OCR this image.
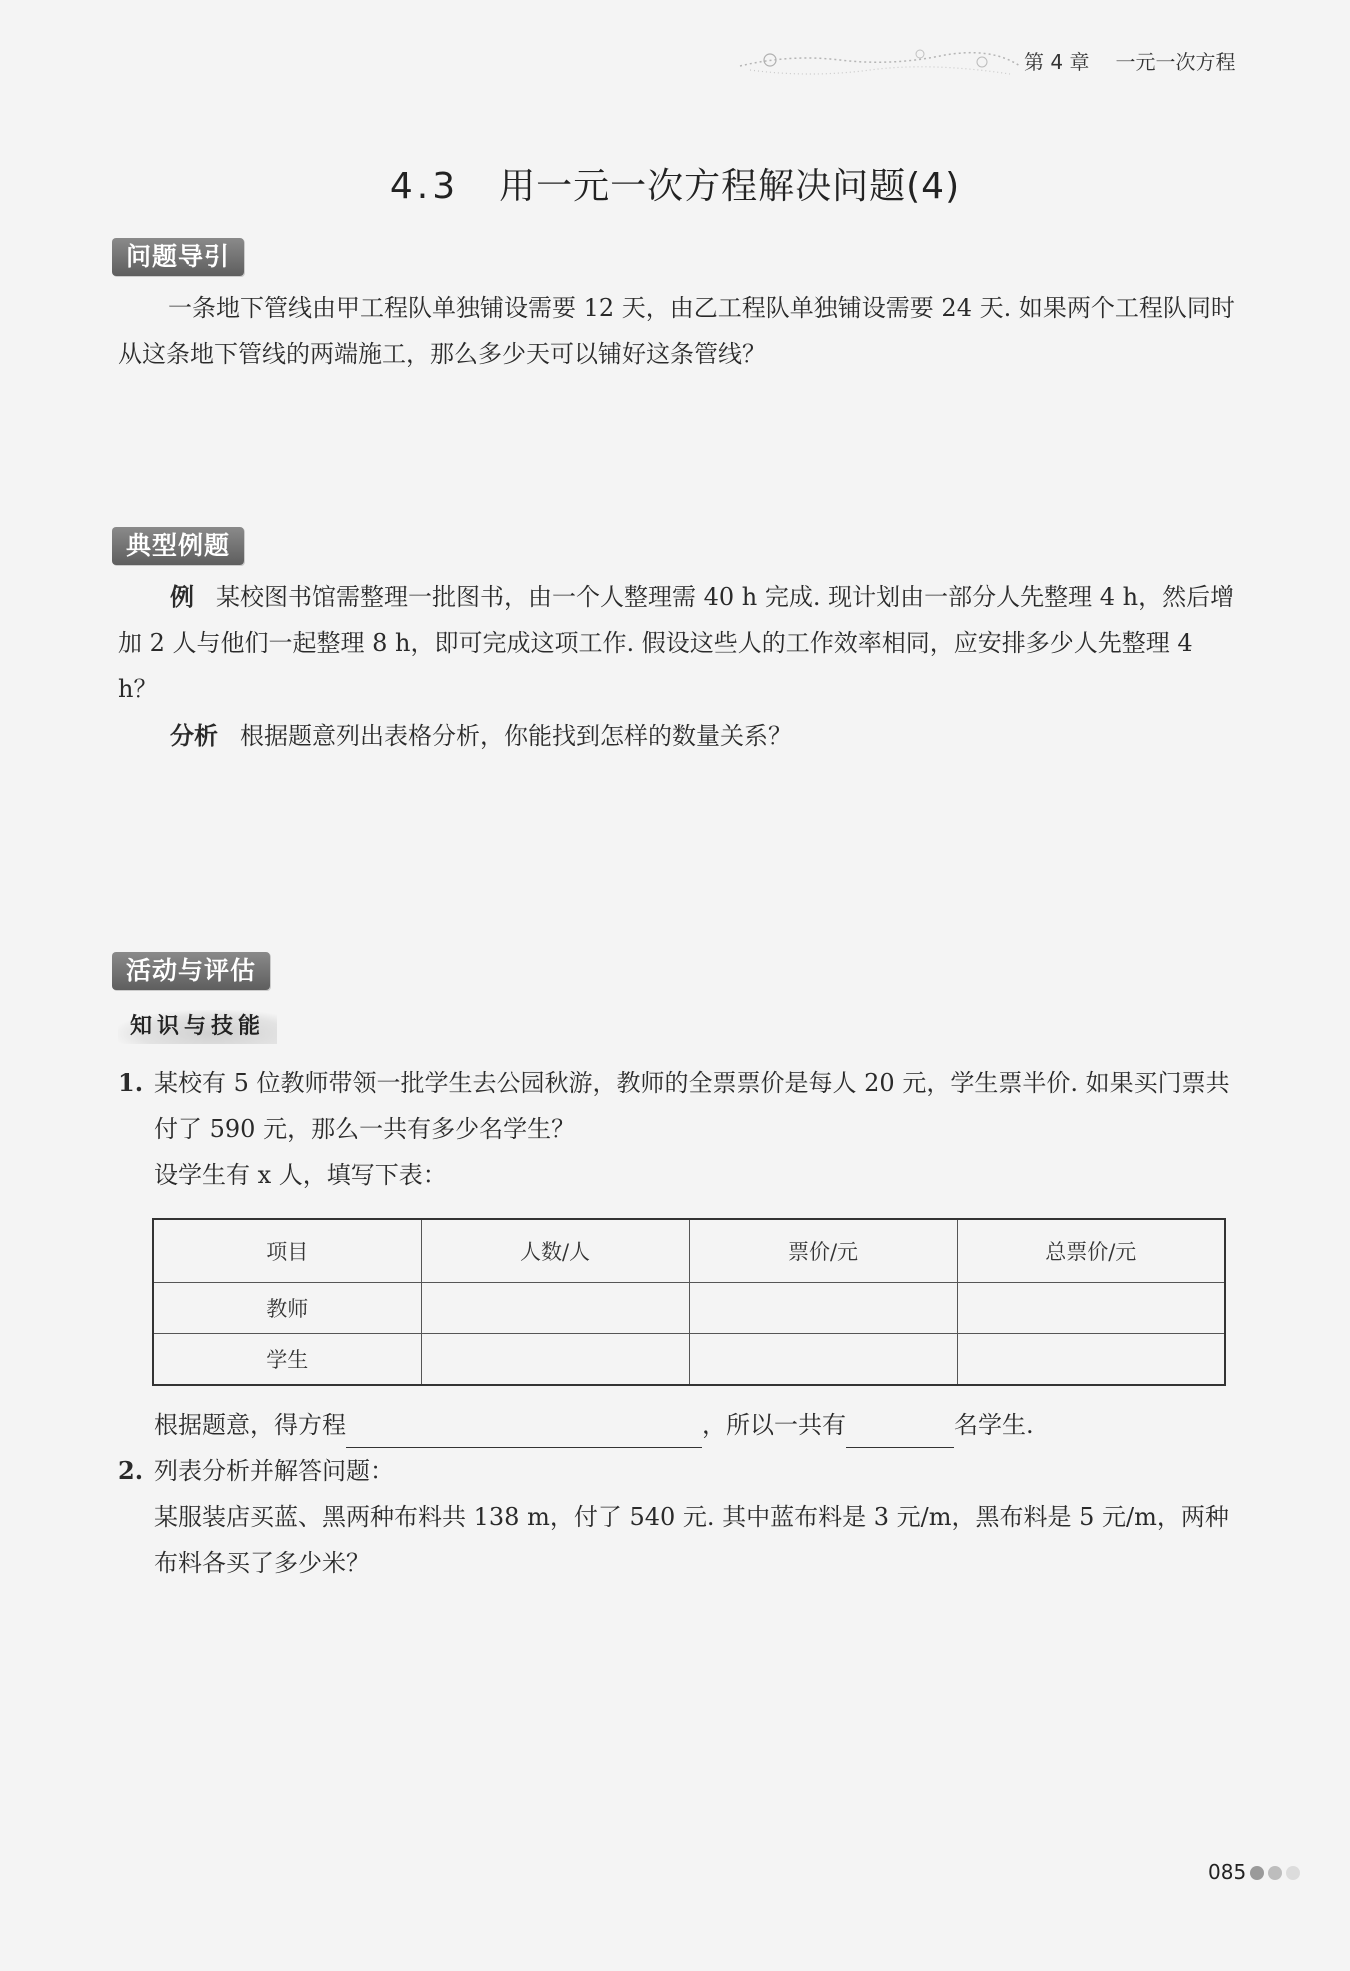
第 4 章 一元一次方程
4.3 用一元一次方程解决问题(4)
问题导引
一条地下管线由甲工程队单独铺设需要 12 天，由乙工程队单独铺设需要 24 天. 如果两个工程队同时从这条地下管线的两端施工，那么多少天可以铺好这条管线？
典型例题
例 某校图书馆需整理一批图书，由一个人整理需 40 h 完成. 现计划由一部分人先整理 4 h，然后增加 2 人与他们一起整理 8 h，即可完成这项工作. 假设这些人的工作效率相同，应安排多少人先整理 4 h？
分析 根据题意列出表格分析，你能找到怎样的数量关系？
活动与评估
知识与技能
1. 某校有 5 位教师带领一批学生去公园秋游，教师的全票票价是每人 20 元，学生票半价. 如果买门票共付了 590 元，那么一共有多少名学生？
设学生有 x 人，填写下表：
项目	人数/人	票价/元	总票价/元
教师			
学生			
根据题意，得方程	，所以一共有	名学生.
2. 列表分析并解答问题：
某服装店买蓝、黑两种布料共 138 m，付了 540 元. 其中蓝布料是 3 元/m，黑布料是 5 元/m，两种布料各买了多少米？
085
